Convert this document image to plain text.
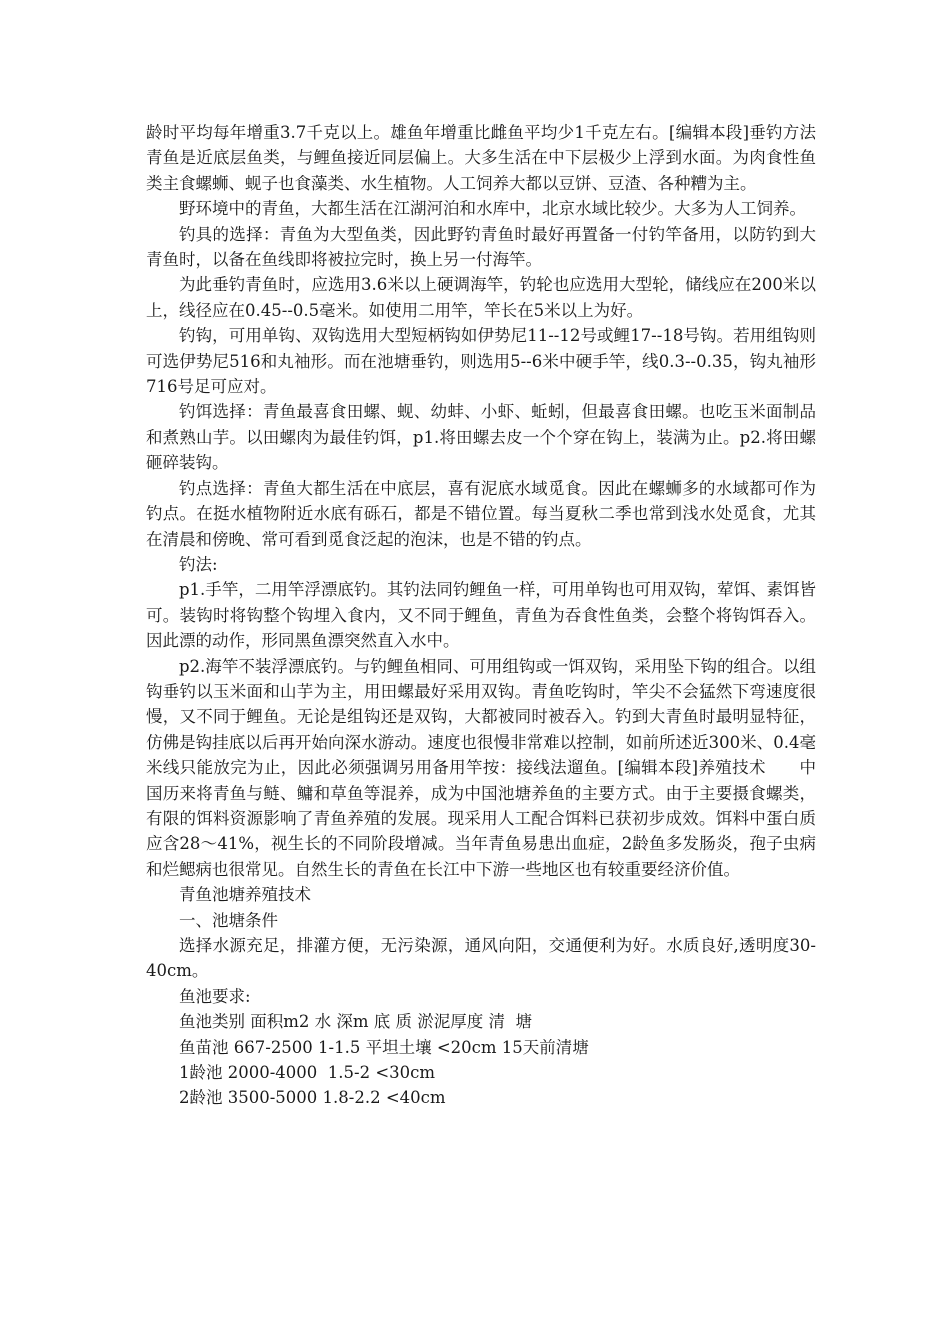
龄时平均每年增重3.7千克以上。雄鱼年增重比雌鱼平均少1千克左右。[编辑本段]垂钓方法　　青鱼是近底层鱼类，与鲤鱼接近同层偏上。大多生活在中下层极少上浮到水面。为肉食性鱼类主食螺蛳、蚬子也食藻类、水生植物。人工饲养大都以豆饼、豆渣、各种糟为主。

野环境中的青鱼，大都生活在江湖河泊和水库中，北京水域比较少。大多为人工饲养。

钓具的选择：青鱼为大型鱼类，因此野钓青鱼时最好再置备一付钓竿备用，以防钓到大青鱼时，以备在鱼线即将被拉完时，换上另一付海竿。

为此垂钓青鱼时，应选用3.6米以上硬调海竿，钓轮也应选用大型轮，储线应在200米以上，线径应在0.45--0.5毫米。如使用二用竿，竿长在5米以上为好。

钓钩，可用单钩、双钩选用大型短柄钩如伊势尼11--12号或鲤17--18号钩。若用组钩则可选伊势尼516和丸袖形。而在池塘垂钓，则选用5--6米中硬手竿，线0.3--0.35，钩丸袖形716号足可应对。

钓饵选择：青鱼最喜食田螺、蚬、幼蚌、小虾、蚯蚓，但最喜食田螺。也吃玉米面制品和煮熟山芋。以田螺肉为最佳钓饵，p1.将田螺去皮一个个穿在钩上，装满为止。p2.将田螺砸碎装钩。

钓点选择：青鱼大都生活在中底层，喜有泥底水域觅食。因此在螺蛳多的水域都可作为钓点。在挺水植物附近水底有砾石，都是不错位置。每当夏秋二季也常到浅水处觅食，尤其在清晨和傍晚、常可看到觅食泛起的泡沫，也是不错的钓点。

钓法:

p1.手竿，二用竿浮漂底钓。其钓法同钓鲤鱼一样，可用单钩也可用双钩，荤饵、素饵皆可。装钩时将钩整个钩埋入食内，又不同于鲤鱼，青鱼为吞食性鱼类，会整个将钩饵吞入。因此漂的动作，形同黑鱼漂突然直入水中。

p2.海竿不装浮漂底钓。与钓鲤鱼相同、可用组钩或一饵双钩，采用坠下钩的组合。以组钩垂钓以玉米面和山芋为主，用田螺最好采用双钩。青鱼吃钩时，竿尖不会猛然下弯速度很慢，又不同于鲤鱼。无论是组钩还是双钩，大都被同时被吞入。钓到大青鱼时最明显特征，仿佛是钩挂底以后再开始向深水游动。速度也很慢非常难以控制，如前所述近300米、0.4毫米线只能放完为止，因此必须强调另用备用竿按：接线法遛鱼。[编辑本段]养殖技术　　中国历来将青鱼与鲢、鳙和草鱼等混养，成为中国池塘养鱼的主要方式。由于主要摄食螺类，有限的饵料资源影响了青鱼养殖的发展。现采用人工配合饵料已获初步成效。饵料中蛋白质应含28～41%，视生长的不同阶段增减。当年青鱼易患出血症，2龄鱼多发肠炎，孢子虫病和烂鳃病也很常见。自然生长的青鱼在长江中下游一些地区也有较重要经济价值。

青鱼池塘养殖技术

一、池塘条件

选择水源充足，排灌方便，无污染源，通风向阳，交通便利为好。水质良好,透明度30-40cm。

鱼池要求:

鱼池类别 面积m2 水 深m 底 质 淤泥厚度 清  塘

鱼苗池 667-2500 1-1.5 平坦土壤 <20cm 15天前清塘

1龄池 2000-4000  1.5-2 <30cm

2龄池 3500-5000 1.8-2.2 <40cm
